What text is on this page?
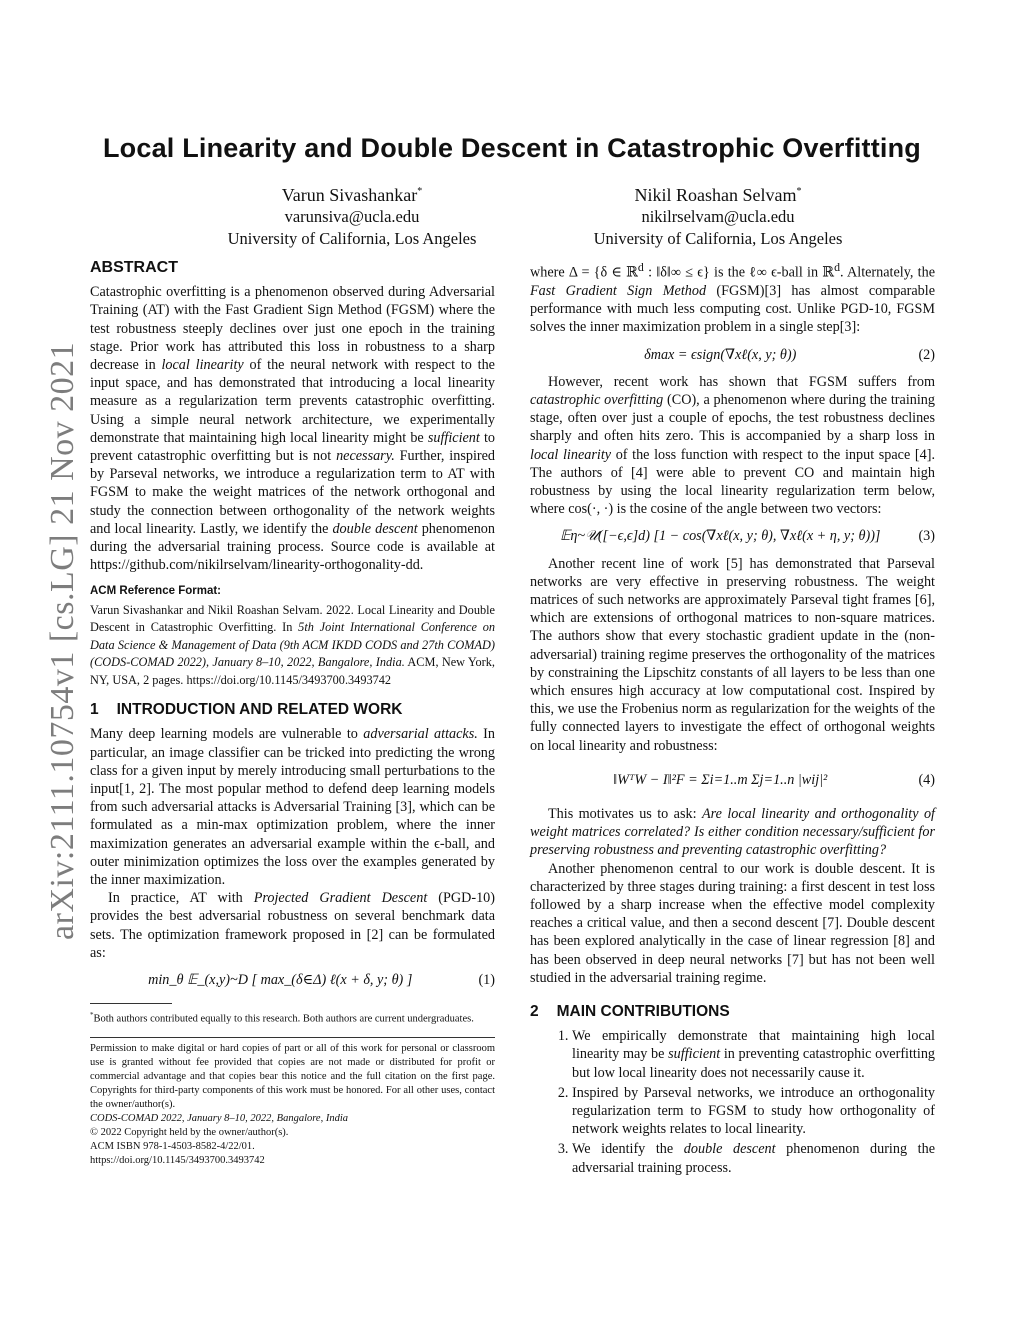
arXiv:2111.10754v1 [cs.LG] 21 Nov 2021
Local Linearity and Double Descent in Catastrophic Overfitting
Varun Sivashankar*
varunsiva@ucla.edu
University of California, Los Angeles
Nikil Roashan Selvam*
nikilrselvam@ucla.edu
University of California, Los Angeles
ABSTRACT

Catastrophic overfitting is a phenomenon observed during Adversarial Training (AT) with the Fast Gradient Sign Method (FGSM) where the test robustness steeply declines over just one epoch in the training stage. Prior work has attributed this loss in robustness to a sharp decrease in local linearity of the neural network with respect to the input space, and has demonstrated that introducing a local linearity measure as a regularization term prevents catastrophic overfitting. Using a simple neural network architecture, we experimentally demonstrate that maintaining high local linearity might be sufficient to prevent catastrophic overfitting but is not necessary. Further, inspired by Parseval networks, we introduce a regularization term to AT with FGSM to make the weight matrices of the network orthogonal and study the connection between orthogonality of the network weights and local linearity. Lastly, we identify the double descent phenomenon during the adversarial training process. Source code is available at https://github.com/nikilrselvam/linearity-orthogonality-dd.

ACM Reference Format:

Varun Sivashankar and Nikil Roashan Selvam. 2022. Local Linearity and Double Descent in Catastrophic Overfitting. In 5th Joint International Conference on Data Science & Management of Data (9th ACM IKDD CODS and 27th COMAD) (CODS-COMAD 2022), January 8–10, 2022, Bangalore, India. ACM, New York, NY, USA, 2 pages. https://doi.org/10.1145/3493700.3493742

1 INTRODUCTION AND RELATED WORK

Many deep learning models are vulnerable to adversarial attacks. In particular, an image classifier can be tricked into predicting the wrong class for a given input by merely introducing small perturbations to the input[1, 2]. The most popular method to defend deep learning models from such adversarial attacks is Adversarial Training [3], which can be formulated as a min-max optimization problem, where the inner maximization generates an adversarial example within the ϵ-ball, and outer minimization optimizes the loss over the examples generated by the inner maximization.

In practice, AT with Projected Gradient Descent (PGD-10) provides the best adversarial robustness on several benchmark data sets. The optimization framework proposed in [2] can be formulated as:

min_θ 𝔼_(x,y)~D [ max_(δ∈Δ) ℓ(x + δ, y; θ) ]	(1)

*Both authors contributed equally to this research. Both authors are current undergraduates.

Permission to make digital or hard copies of part or all of this work for personal or classroom use is granted without fee provided that copies are not made or distributed for profit or commercial advantage and that copies bear this notice and the full citation on the first page. Copyrights for third-party components of this work must be honored. For all other uses, contact the owner/author(s).

CODS-COMAD 2022, January 8–10, 2022, Bangalore, India
© 2022 Copyright held by the owner/author(s).
ACM ISBN 978-1-4503-8582-4/22/01.
https://doi.org/10.1145/3493700.3493742

where Δ = {δ ∈ ℝ$^d$ : ‖δ‖∞ ≤ ϵ} is the ℓ∞ ϵ-ball in ℝ$^d$. Alternately, the Fast Gradient Sign Method (FGSM)[3] has almost comparable performance with much less computing cost. Unlike PGD-10, FGSM solves the inner maximization problem in a single step[3]:

δmax = ϵsign(∇xℓ(x, y; θ))	(2)

However, recent work has shown that FGSM suffers from catastrophic overfitting (CO), a phenomenon where during the training stage, often over just a couple of epochs, the test robustness declines sharply and often hits zero. This is accompanied by a sharp loss in local linearity of the loss function with respect to the input space [4]. The authors of [4] were able to prevent CO and maintain high robustness by using the local linearity regularization term below, where cos(·, ·) is the cosine of the angle between two vectors:

𝔼η~𝒰([−ϵ,ϵ]d) [1 − cos(∇xℓ(x, y; θ), ∇xℓ(x + η, y; θ))]	(3)

Another recent line of work [5] has demonstrated that Parseval networks are very effective in preserving robustness. The weight matrices of such networks are approximately Parseval tight frames [6], which are extensions of orthogonal matrices to non-square matrices. The authors show that every stochastic gradient update in the (non-adversarial) training regime preserves the orthogonality of the matrices by constraining the Lipschitz constants of all layers to be less than one which ensures high accuracy at low computational cost. Inspired by this, we use the Frobenius norm as regularization for the weights of the fully connected layers to investigate the effect of orthogonal weights on local linearity and robustness:

‖WᵀW − I‖²F = Σi=1..m Σj=1..n |wij|²	(4)

This motivates us to ask: Are local linearity and orthogonality of weight matrices correlated? Is either condition necessary/sufficient for preserving robustness and preventing catastrophic overfitting?

Another phenomenon central to our work is double descent. It is characterized by three stages during training: a first descent in test loss followed by a sharp increase when the effective model complexity reaches a critical value, and then a second descent [7]. Double descent has been explored analytically in the case of linear regression [8] and has been observed in deep neural networks [7] but has not been well studied in the adversarial training regime.

2 MAIN CONTRIBUTIONS
1. We empirically demonstrate that maintaining high local linearity may be sufficient in preventing catastrophic overfitting but low local linearity does not necessarily cause it.
2. Inspired by Parseval networks, we introduce an orthogonality regularization term to FGSM to study how orthogonality of network weights relates to local linearity.
3. We identify the double descent phenomenon during the adversarial training process.
